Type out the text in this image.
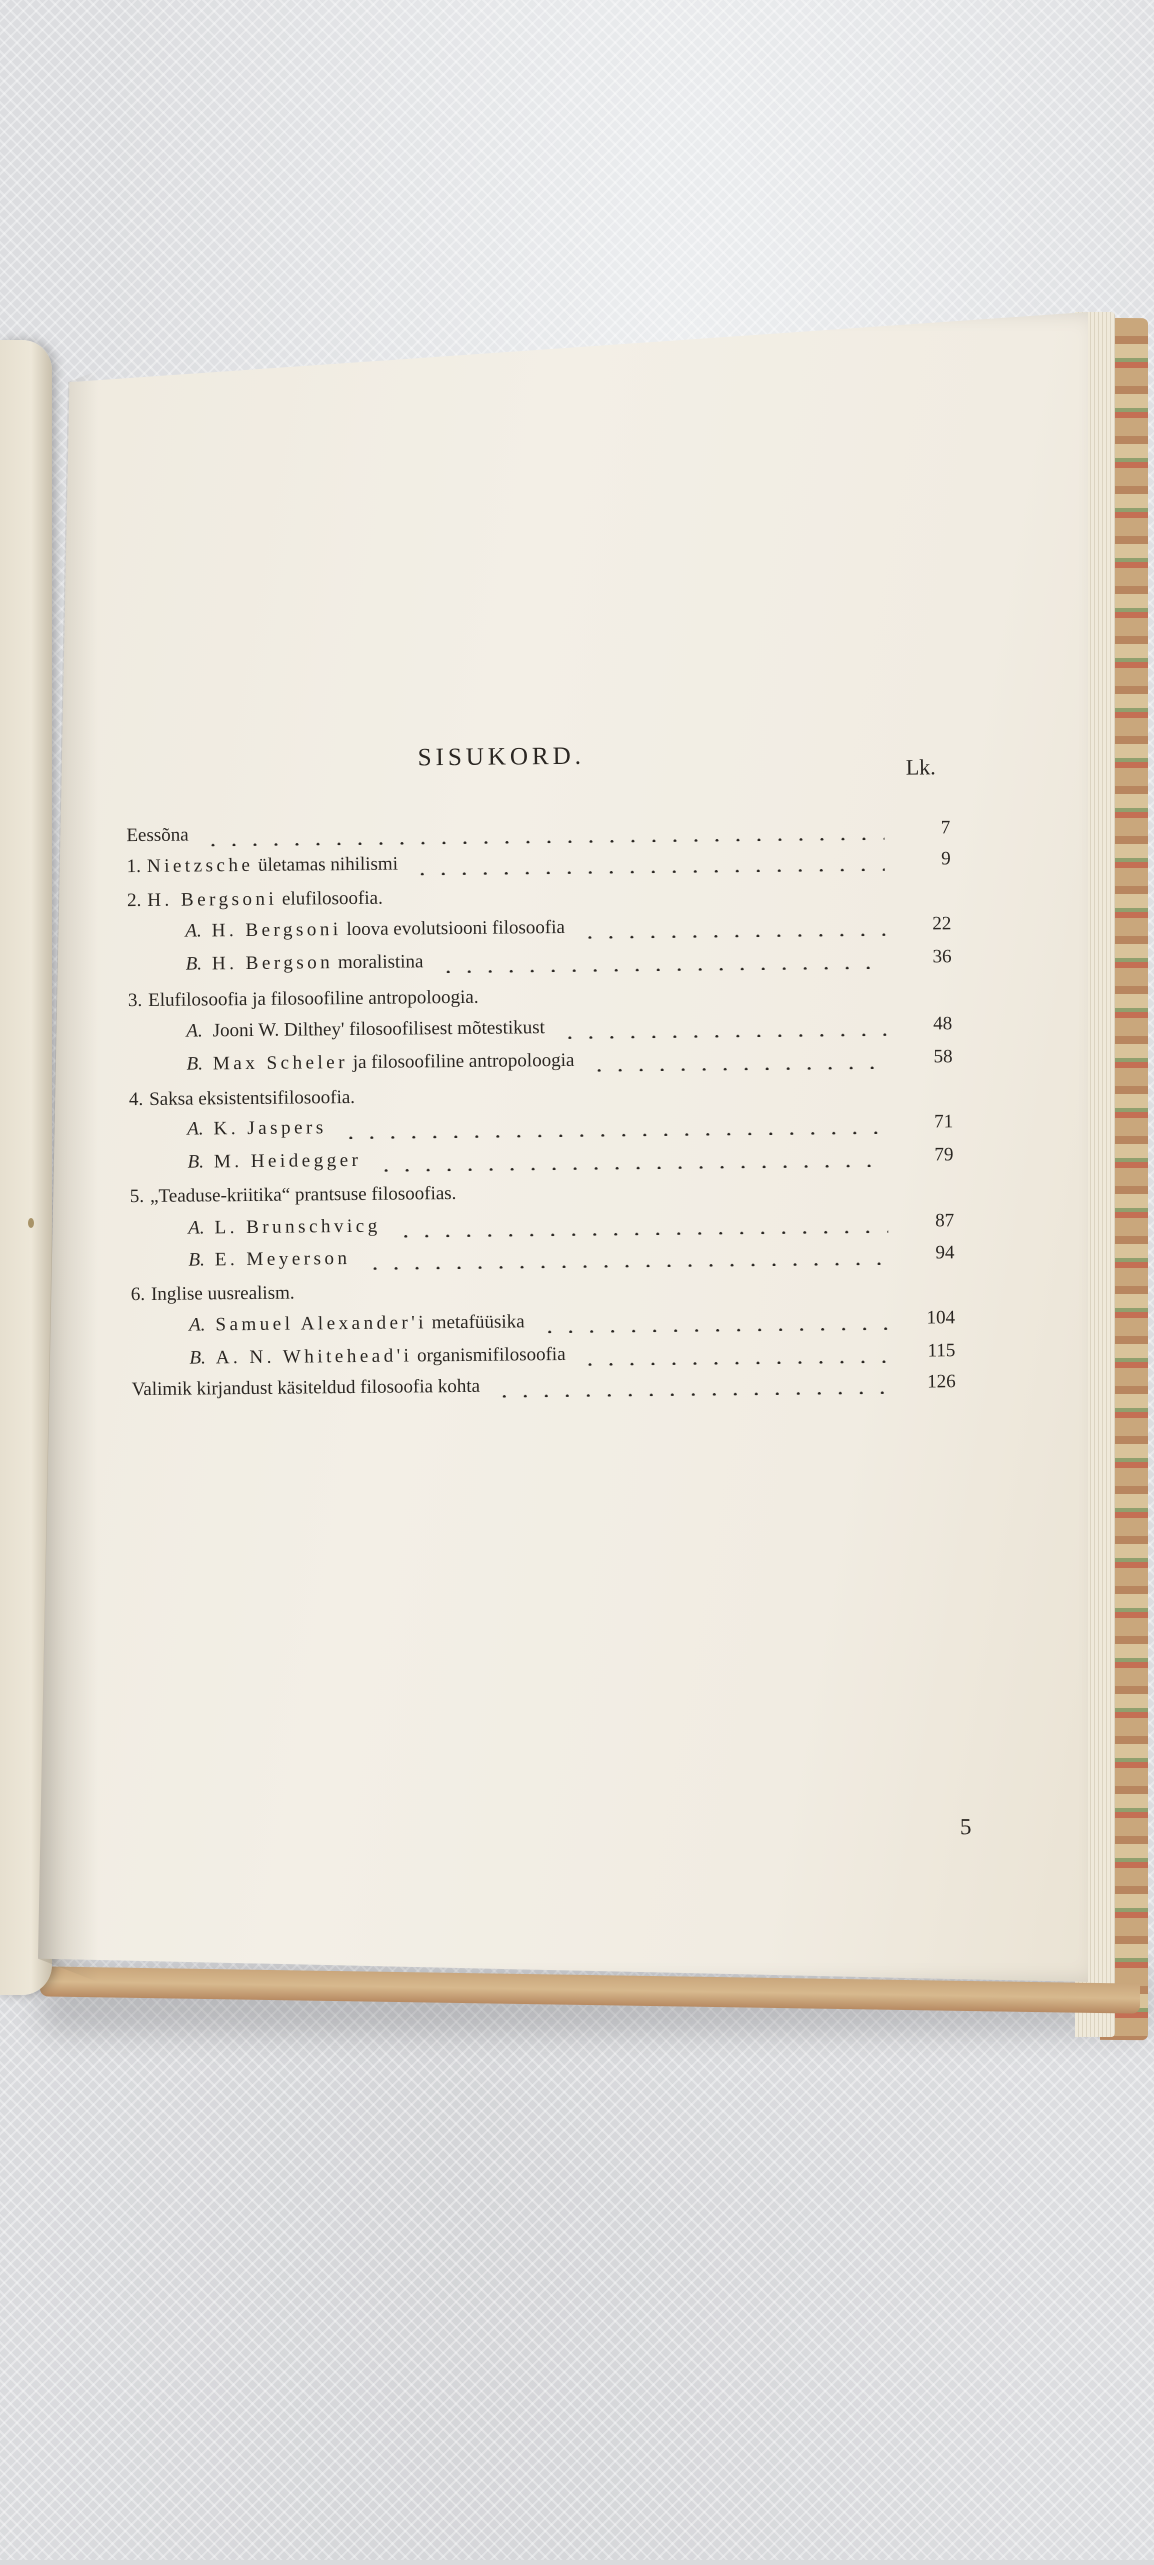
SISUKORD.	Lk.
Eessõna	7
1. Nietzsche ületamas nihilismi	9
2. H. Bergsoni elufilosoofia.
A. H. Bergsoni loova evolutsiooni filosoofia	22
B. H. Bergson moralistina	36
3. Elufilosoofia ja filosoofiline antropoloogia.
A. Jooni W. Dilthey' filosoofilisest mõtestikust	48
B. Max Scheler ja filosoofiline antropoloogia	58
4. Saksa eksistentsifilosoofia.
A. K. Jaspers	71
B. M. Heidegger	79
5. „Teaduse-kriitika“ prantsuse filosoofias.
A. L. Brunschvicg	87
B. E. Meyerson	94
6. Inglise uusrealism.
A. Samuel Alexander'i metafüüsika	104
B. A. N. Whitehead'i organismifilosoofia	115
Valimik kirjandust käsiteldud filosoofia kohta	126
5
